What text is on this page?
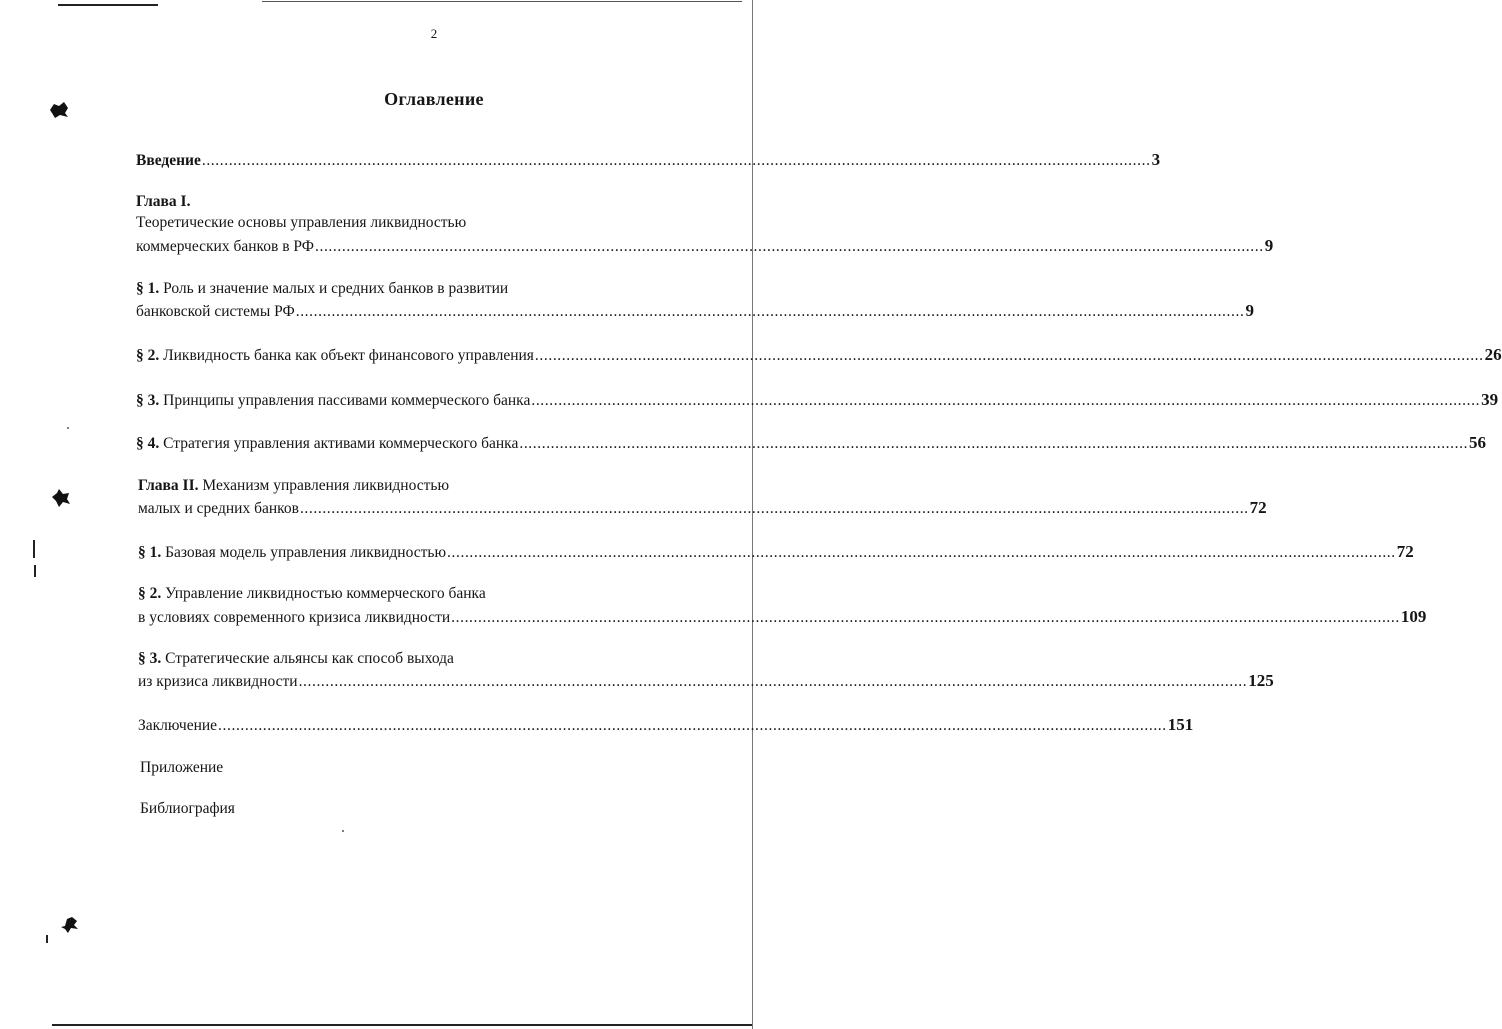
2
Оглавление
Введение .................................................................................................................................................................................................................... 3
Глава I.
Теоретические основы управления ликвидностью
коммерческих банков в РФ .................................................................................................................................................................................................................... 9
§ 1. Роль и значение малых и средних банков в развитии
банковской системы РФ .................................................................................................................................................................................................................... 9
§ 2. Ликвидность банка как объект финансового управления .................................................................................................................................................................................................................... 26
§ 3. Принципы управления пассивами коммерческого банка .................................................................................................................................................................................................................... 39
§ 4. Стратегия управления активами коммерческого банка .................................................................................................................................................................................................................... 56
Глава II. Механизм управления ликвидностью
малых и средних банков .................................................................................................................................................................................................................... 72
§ 1. Базовая модель управления ликвидностью .................................................................................................................................................................................................................... 72
§ 2. Управление ликвидностью коммерческого банка
в условиях современного кризиса ликвидности .................................................................................................................................................................................................................... 109
§ 3. Стратегические альянсы как способ выхода
из кризиса ликвидности .................................................................................................................................................................................................................... 125
Заключение .................................................................................................................................................................................................................... 151
Приложение
Библиография
